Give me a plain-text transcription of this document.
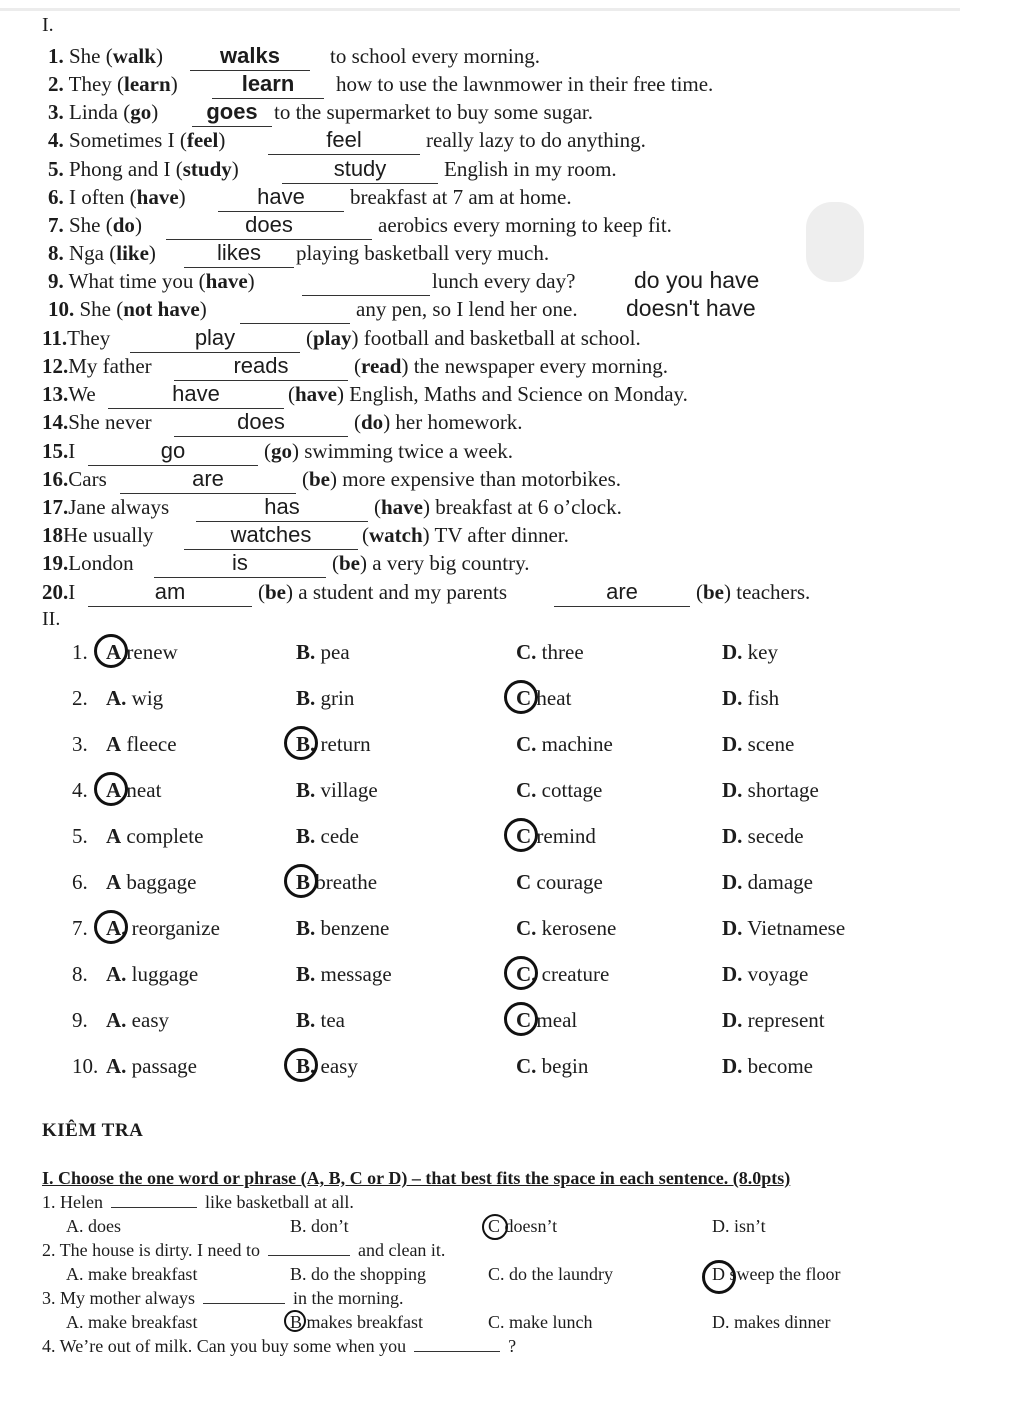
I.
1. She (walk)	walks	to school every morning.
2. They (learn)	learn	how to use the lawnmower in their free time.
3. Linda (go)	goes to the supermarket to buy some sugar.
4. Sometimes I (feel)	feel	really lazy to do anything.
5. Phong and I (study)	study	English in my room.
6. I often (have)	have	breakfast at 7 am at home.
7. She (do)	does	aerobics every morning to keep fit.
8. Nga (like)	likes	playing basketball very much.
9. What time you (have)	lunch every day?	do you have
10. She (not have)	any pen, so I lend her one. doesn't have
11.They	play	(play) football and basketball at school.
12.My father	reads	(read) the newspaper every morning.
13.We	have	(have) English, Maths and Science on Monday.
14.She never	does	(do) her homework.
15.I	go	(go) swimming twice a week.
16.Cars	are	(be) more expensive than motorbikes.
17.Jane always	has	(have) breakfast at 6 o’clock.
18He usually	watches	(watch) TV after dinner.
19.London	is	(be) a very big country.
20.I	am	(be) a student and my parents	are	(be) teachers.
II.
1. A renew	B. pea	C. three	D. key
2. A. wig	B. grin	C heat	D. fish
3. A fleece	B. return	C. machine	D. scene
4. A neat	B. village	C. cottage	D. shortage
5. A complete	B. cede	C remind	D. secede
6. A baggage	B breathe	C courage	D. damage
7. A. reorganize	B. benzene	C. kerosene	D. Vietnamese
8. A. luggage	B. message	C. creature	D. voyage
9. A. easy	B. tea	C meal	D. represent
10. A. passage	B. easy	C. begin	D. become
KIÊM TRA
I. Choose the one word or phrase (A, B, C or D) – that best fits the space in each sentence. (8.0pts)
1. Helen	like basketball at all.
A. does	B. don’t	C doesn’t	D. isn’t
2. The house is dirty. I need to	and clean it.
A. make breakfast	B. do the shopping	C. do the laundry	D sweep the floor
3. My mother always	in the morning.
A. make breakfast	B makes breakfast	C. make lunch	D. makes dinner
4. We’re out of milk. Can you buy some when you	?
